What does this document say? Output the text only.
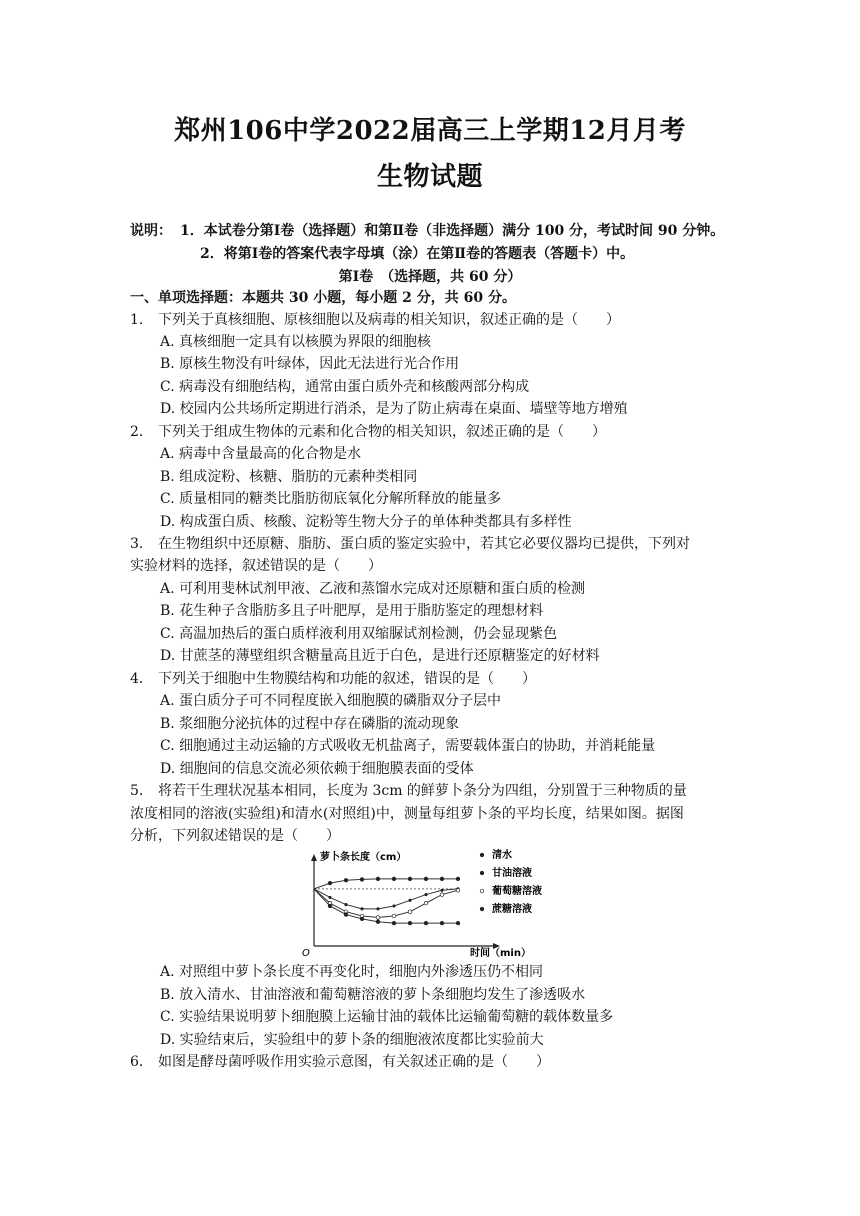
郑州106中学2022届高三上学期12月月考
生物试题
说明： 1．本试卷分第Ⅰ卷（选择题）和第Ⅱ卷（非选择题）满分 100 分，考试时间 90 分钟。
2．将第Ⅰ卷的答案代表字母填（涂）在第Ⅱ卷的答题表（答题卡）中。
第Ⅰ卷　（选择题，共 60 分）
一、单项选择题：本题共 30 小题，每小题 2 分，共 60 分。
1． 下列关于真核细胞、原核细胞以及病毒的相关知识，叙述正确的是（　　）
A. 真核细胞一定具有以核膜为界限的细胞核
B. 原核生物没有叶绿体，因此无法进行光合作用
C. 病毒没有细胞结构，通常由蛋白质外壳和核酸两部分构成
D. 校园内公共场所定期进行消杀，是为了防止病毒在桌面、墙壁等地方增殖
2． 下列关于组成生物体的元素和化合物的相关知识，叙述正确的是（　　）
A. 病毒中含量最高的化合物是水
B. 组成淀粉、核糖、脂肪的元素种类相同
C. 质量相同的糖类比脂肪彻底氧化分解所释放的能量多
D. 构成蛋白质、核酸、淀粉等生物大分子的单体种类都具有多样性
3． 在生物组织中还原糖、脂肪、蛋白质的鉴定实验中，若其它必要仪器均已提供，下列对
实验材料的选择，叙述错误的是（　　）
A. 可利用斐林试剂甲液、乙液和蒸馏水完成对还原糖和蛋白质的检测
B. 花生种子含脂肪多且子叶肥厚，是用于脂肪鉴定的理想材料
C. 高温加热后的蛋白质样液利用双缩脲试剂检测，仍会显现紫色
D. 甘蔗茎的薄壁组织含糖量高且近于白色，是进行还原糖鉴定的好材料
4． 下列关于细胞中生物膜结构和功能的叙述，错误的是（　　）
A. 蛋白质分子可不同程度嵌入细胞膜的磷脂双分子层中
B. 浆细胞分泌抗体的过程中存在磷脂的流动现象
C. 细胞通过主动运输的方式吸收无机盐离子，需要载体蛋白的协助，并消耗能量
D. 细胞间的信息交流必须依赖于细胞膜表面的受体
5． 将若干生理状况基本相同，长度为 3cm 的鲜萝卜条分为四组，分别置于三种物质的量
浓度相同的溶液(实验组)和清水(对照组)中，测量每组萝卜条的平均长度，结果如图。据图
分析，下列叙述错误的是（　　）
萝卜条长度（cm）
时间（min）
O
清水
甘油溶液
葡萄糖溶液
蔗糖溶液
A. 对照组中萝卜条长度不再变化时，细胞内外渗透压仍不相同
B. 放入清水、甘油溶液和葡萄糖溶液的萝卜条细胞均发生了渗透吸水
C. 实验结果说明萝卜细胞膜上运输甘油的载体比运输葡萄糖的载体数量多
D. 实验结束后，实验组中的萝卜条的细胞液浓度都比实验前大
6． 如图是酵母菌呼吸作用实验示意图，有关叙述正确的是（　　）
